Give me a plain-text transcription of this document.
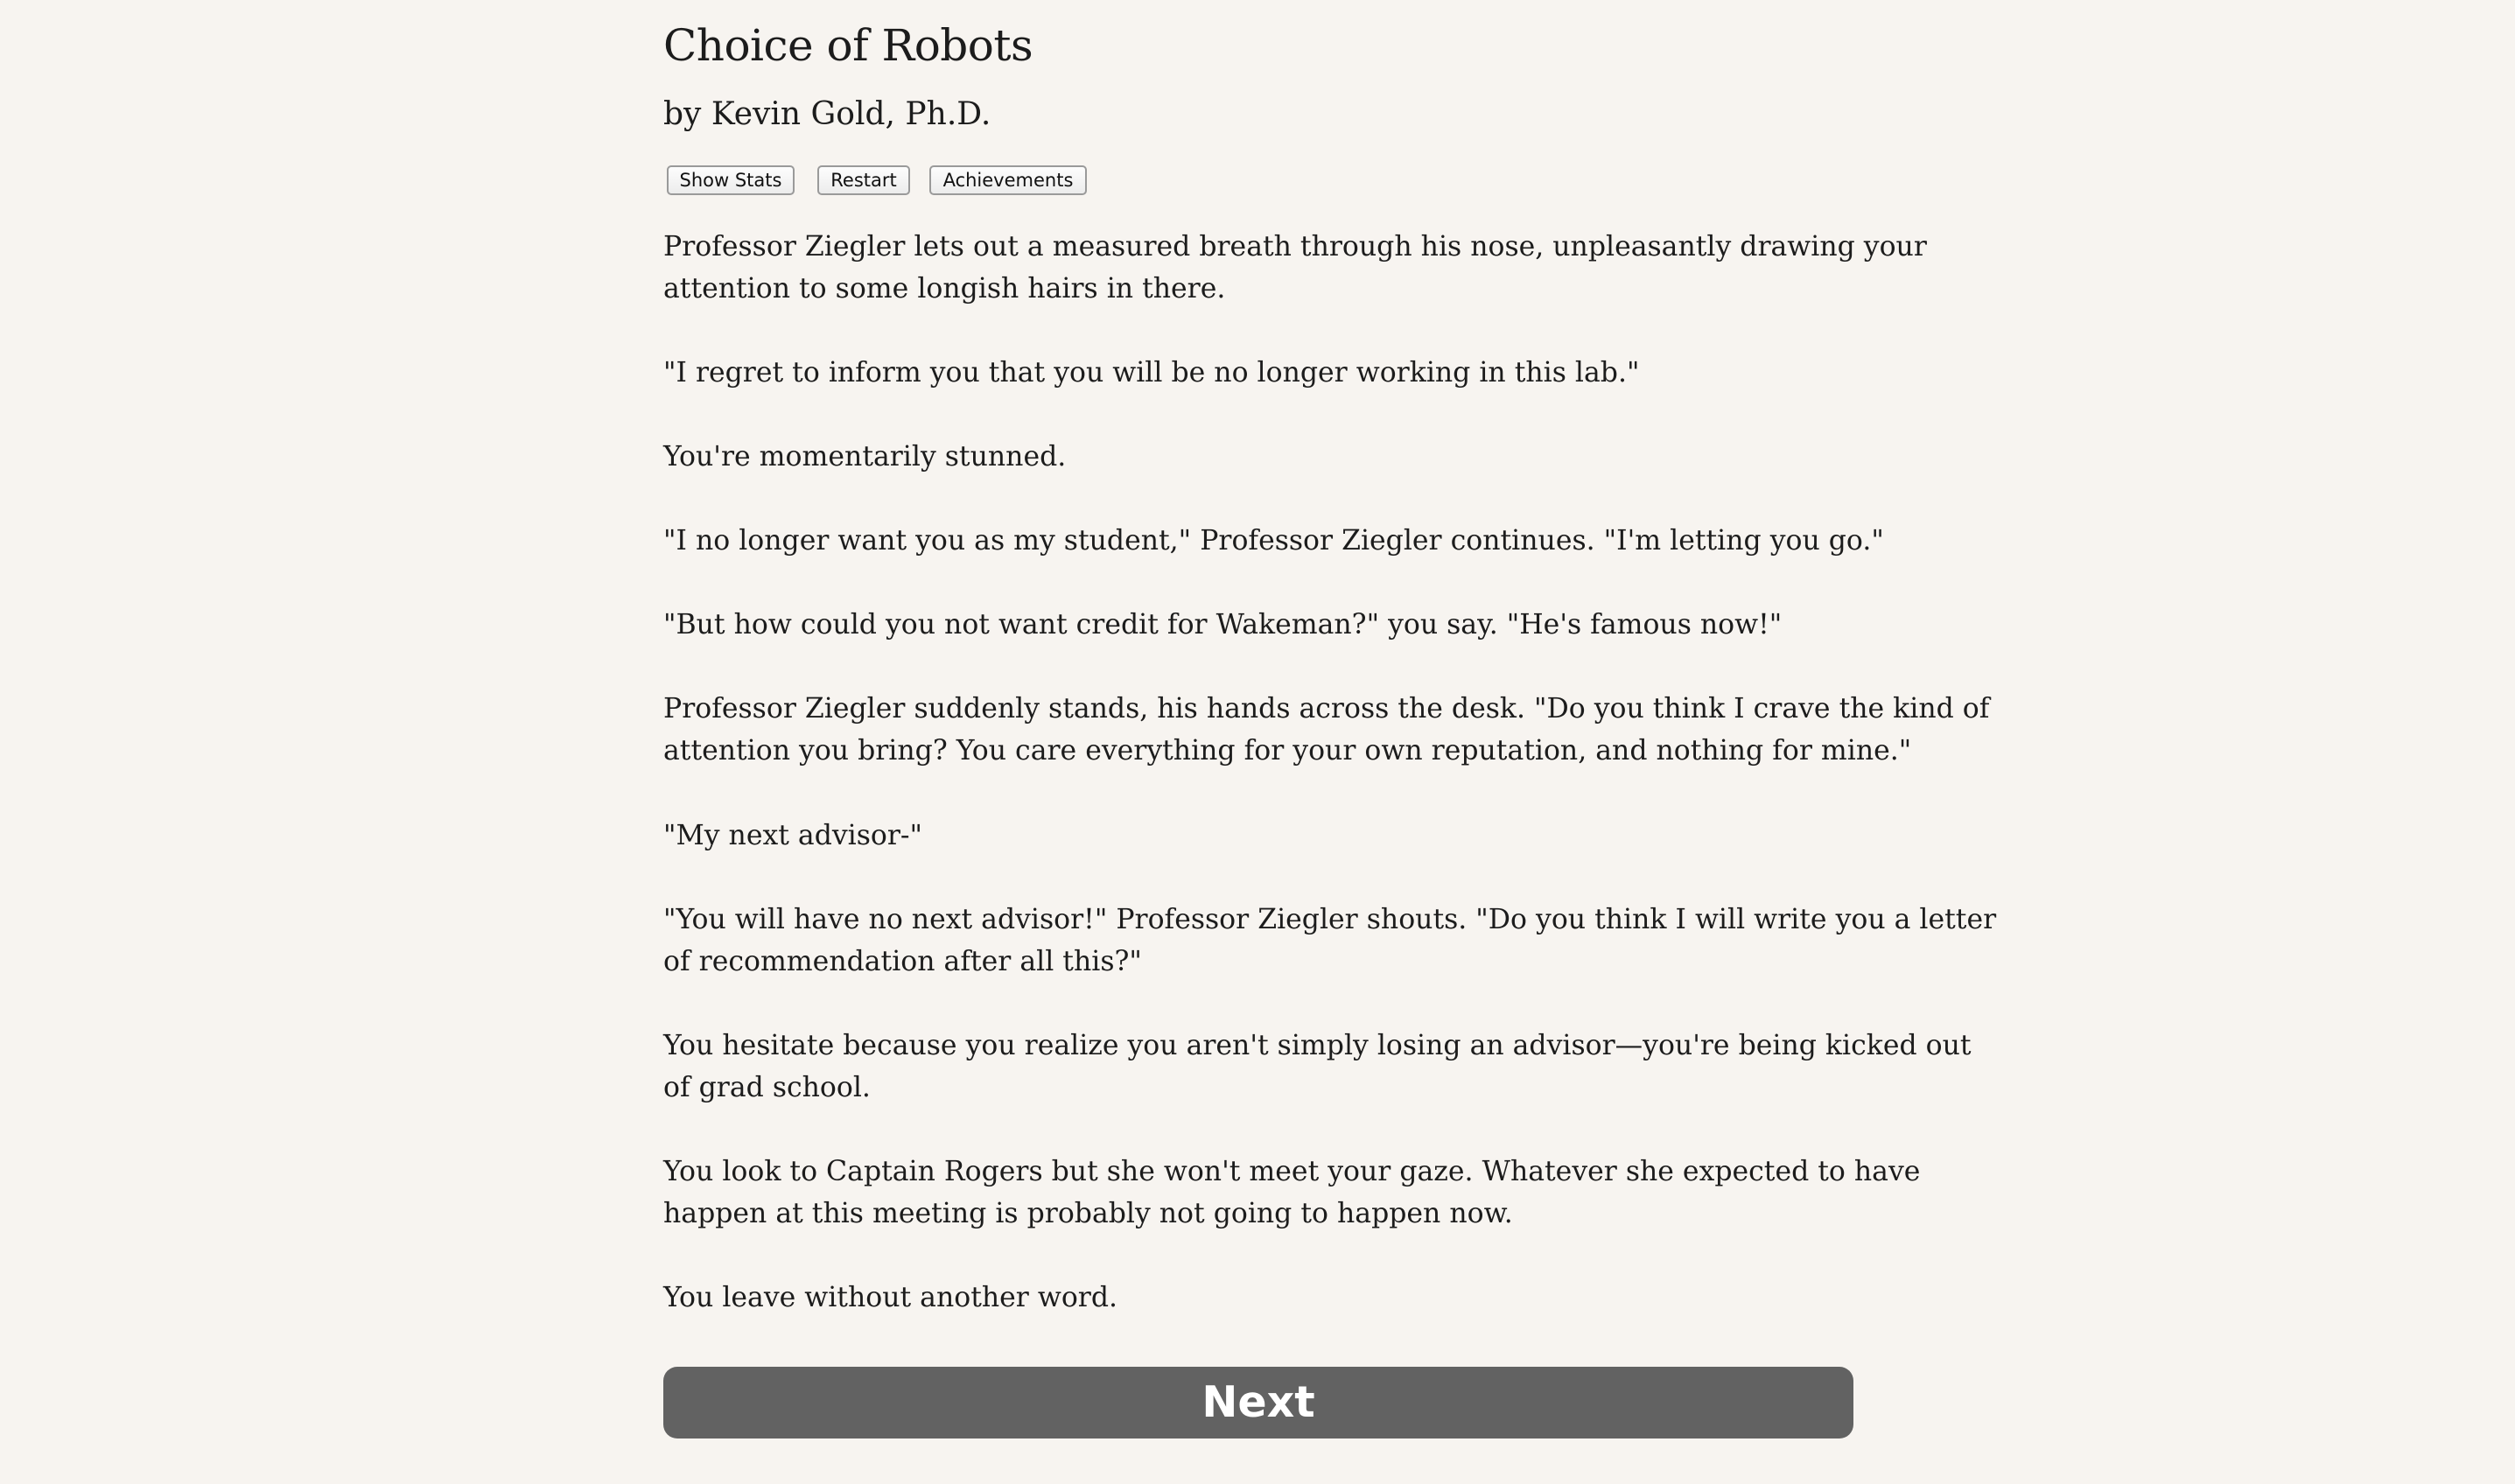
Choice of Robots
by Kevin Gold, Ph.D.
Show Stats	Restart	Achievements

Professor Ziegler lets out a measured breath through his nose, unpleasantly drawing your
attention to some longish hairs in there.

"I regret to inform you that you will be no longer working in this lab."

You're momentarily stunned.

"I no longer want you as my student," Professor Ziegler continues. "I'm letting you go."

"But how could you not want credit for Wakeman?" you say. "He's famous now!"

Professor Ziegler suddenly stands, his hands across the desk. "Do you think I crave the kind of
attention you bring? You care everything for your own reputation, and nothing for mine."

"My next advisor-"

"You will have no next advisor!" Professor Ziegler shouts. "Do you think I will write you a letter
of recommendation after all this?"

You hesitate because you realize you aren't simply losing an advisor—you're being kicked out
of grad school.

You look to Captain Rogers but she won't meet your gaze. Whatever she expected to have
happen at this meeting is probably not going to happen now.

You leave without another word.

Next
